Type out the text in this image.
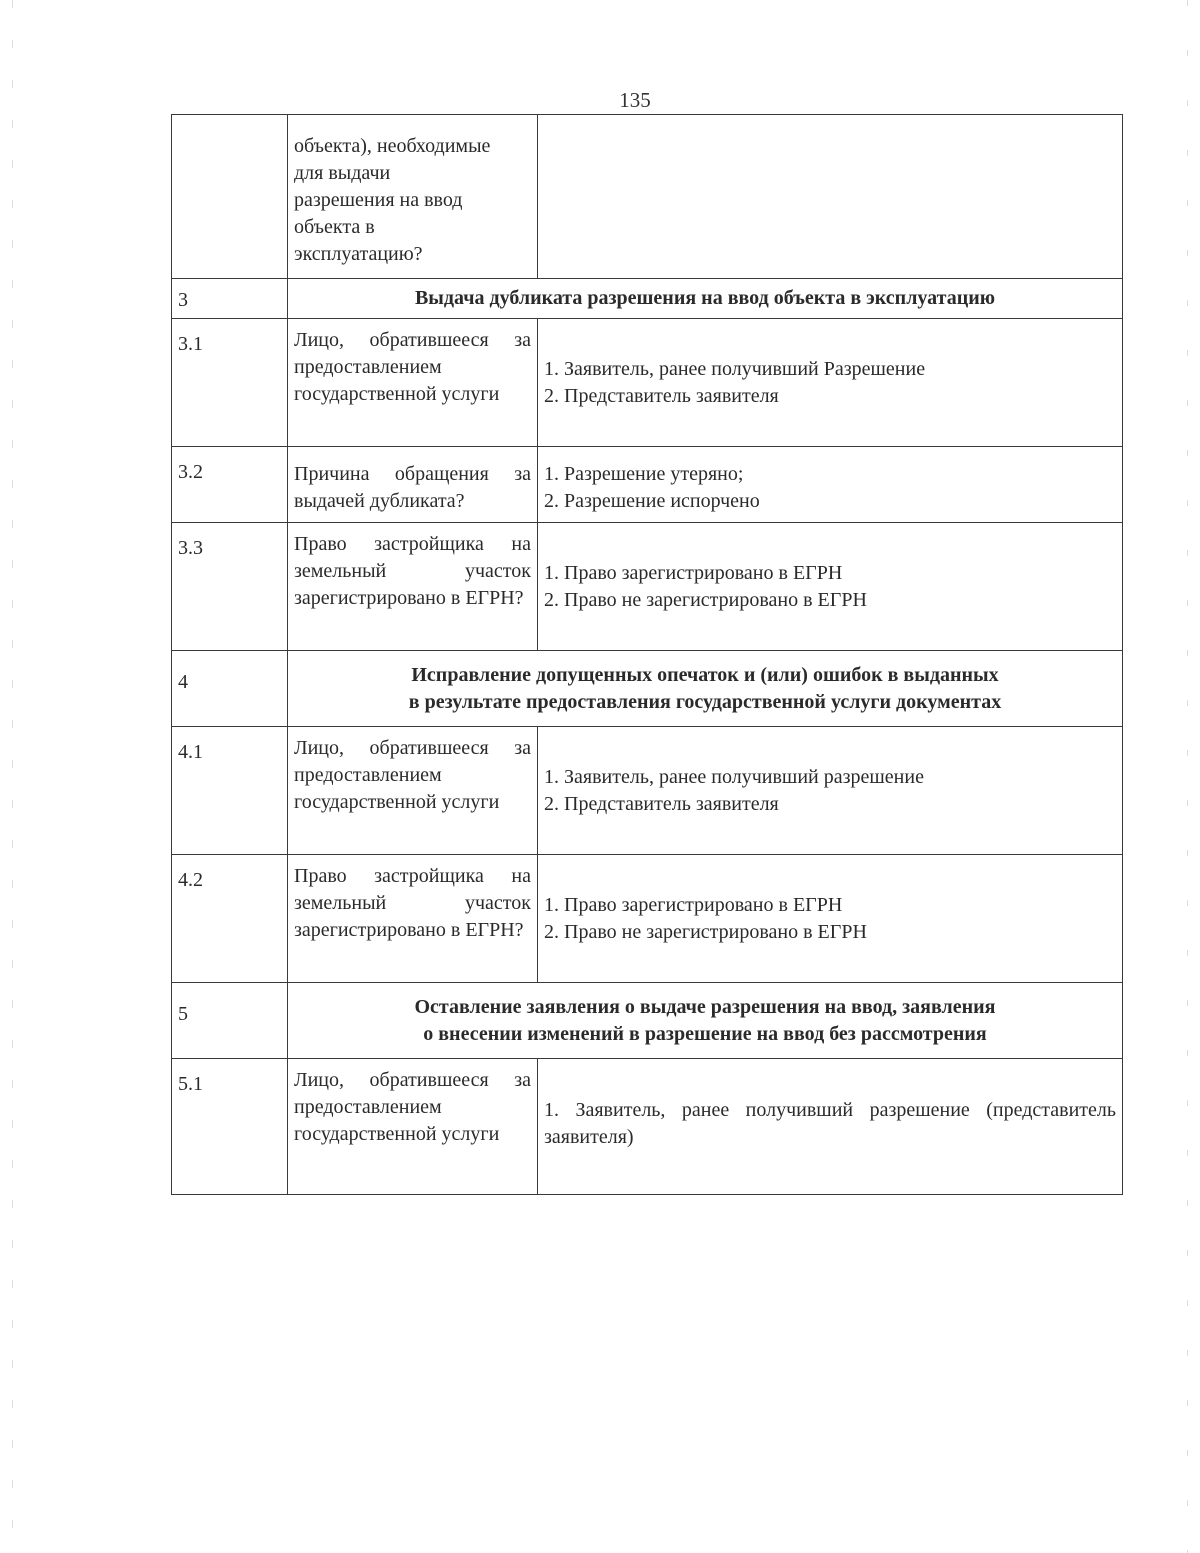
135

	объекта), необходимые
для выдачи
разрешения на ввод
объекта в
эксплуатацию?	

3	Выдача дубликата разрешения на ввод объекта в эксплуатацию	
3.1	Лицо, обратившееся за предоставлением государственной услуги	1. Заявитель, ранее получивший Разрешение
2. Представитель заявителя

3.2	Причина обращения за выдачей дубликата?	1. Разрешение утеряно;
2. Разрешение испорчено

3.3	Право застройщика на земельный участок зарегистрировано в ЕГРН?	1. Право зарегистрировано в ЕГРН
2. Право не зарегистрировано в ЕГРН

4	Исправление допущенных опечаток и (или) ошибок в выданных
в результате предоставления государственной услуги документах	

4.1	Лицо, обратившееся за предоставлением государственной услуги	1. Заявитель, ранее получивший разрешение
2. Представитель заявителя

4.2	Право застройщика на земельный участок зарегистрировано в ЕГРН?	1. Право зарегистрировано в ЕГРН
2. Право не зарегистрировано в ЕГРН

5	Оставление заявления о выдаче разрешения на ввод, заявления
о внесении изменений в разрешение на ввод без рассмотрения	

5.1	Лицо, обратившееся за предоставлением государственной услуги	1. Заявитель, ранее получивший разрешение (представитель заявителя)
